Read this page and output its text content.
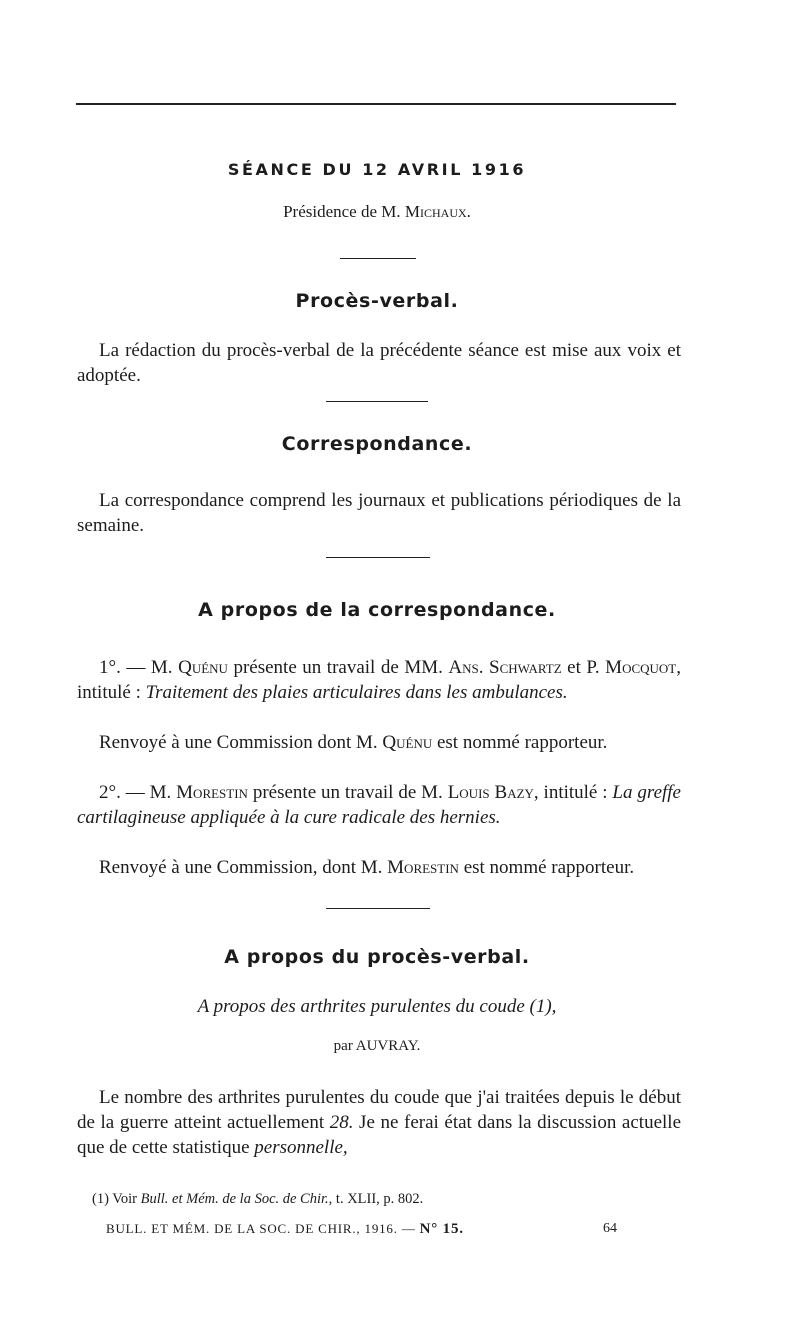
SÉANCE DU 12 AVRIL 1916

Présidence de M. Michaux.

Procès-verbal.

La rédaction du procès-verbal de la précédente séance est mise aux voix et adoptée.

Correspondance.

La correspondance comprend les journaux et publications périodiques de la semaine.

A propos de la correspondance.

1°. — M. Quénu présente un travail de MM. Ans. Schwartz et P. Mocquot, intitulé : Traitement des plaies articulaires dans les ambulances.

Renvoyé à une Commission dont M. Quénu est nommé rapporteur.

2°. — M. Morestin présente un travail de M. Louis Bazy, intitulé : La greffe cartilagineuse appliquée à la cure radicale des hernies.

Renvoyé à une Commission, dont M. Morestin est nommé rapporteur.

A propos du procès-verbal.

A propos des arthrites purulentes du coude (1),

par AUVRAY.

Le nombre des arthrites purulentes du coude que j'ai traitées depuis le début de la guerre atteint actuellement 28. Je ne ferai état dans la discussion actuelle que de cette statistique personnelle,

(1) Voir Bull. et Mém. de la Soc. de Chir., t. XLII, p. 802.

BULL. ET MÉM. DE LA SOC. DE CHIR., 1916. — N° 15.	64
